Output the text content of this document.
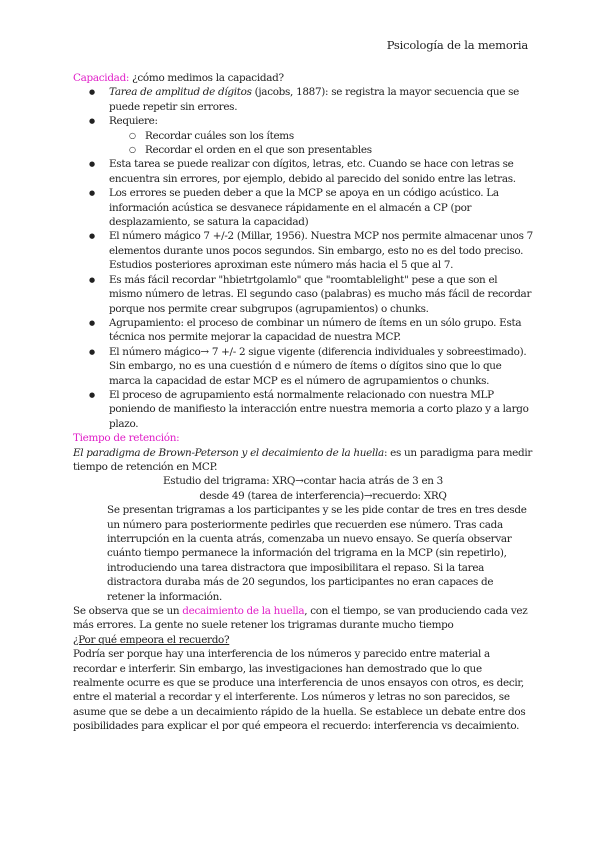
Psicología de la memoria

Capacidad: ¿cómo medimos la capacidad?

● Tarea de amplitud de dígitos (jacobs, 1887): se registra la mayor secuencia que se puede repetir sin errores.
● Requiere:
○ Recordar cuáles son los ítems
○ Recordar el orden en el que son presentables
● Esta tarea se puede realizar con dígitos, letras, etc. Cuando se hace con letras se encuentra sin errores, por ejemplo, debido al parecido del sonido entre las letras.
● Los errores se pueden deber a que la MCP se apoya en un código acústico. La información acústica se desvanece rápidamente en el almacén a CP (por desplazamiento, se satura la capacidad)
● El número mágico 7 +/-2 (Millar, 1956). Nuestra MCP nos permite almacenar unos 7 elementos durante unos pocos segundos. Sin embargo, esto no es del todo preciso. Estudios posteriores aproximan este número más hacia el 5 que al 7.
● Es más fácil recordar "hbietrtgolamlo" que "roomtablelight" pese a que son el mismo número de letras. El segundo caso (palabras) es mucho más fácil de recordar porque nos permite crear subgrupos (agrupamientos) o chunks.
● Agrupamiento: el proceso de combinar un número de ítems en un sólo grupo. Esta técnica nos permite mejorar la capacidad de nuestra MCP.
● El número mágico→ 7 +/- 2 sigue vigente (diferencia individuales y sobreestimado). Sin embargo, no es una cuestión d e número de ítems o dígitos sino que lo que marca la capacidad de estar MCP es el número de agrupamientos o chunks.
● El proceso de agrupamiento está normalmente relacionado con nuestra MLP poniendo de manifiesto la interacción entre nuestra memoria a corto plazo y a largo plazo.

Tiempo de retención:

El paradigma de Brown-Peterson y el decaimiento de la huella: es un paradigma para medir tiempo de retención en MCP.

Estudio del trigrama: XRQ→contar hacia atrás de 3 en 3

desde 49 (tarea de interferencia)→recuerdo: XRQ

Se presentan trigramas a los participantes y se les pide contar de tres en tres desde un número para posteriormente pedirles que recuerden ese número. Tras cada interrupción en la cuenta atrás, comenzaba un nuevo ensayo. Se quería observar cuánto tiempo permanece la información del trigrama en la MCP (sin repetirlo), introduciendo una tarea distractora que imposibilitara el repaso. Si la tarea distractora duraba más de 20 segundos, los participantes no eran capaces de retener la información.

Se observa que se un decaimiento de la huella, con el tiempo, se van produciendo cada vez más errores. La gente no suele retener los trigramas durante mucho tiempo

¿Por qué empeora el recuerdo?

Podría ser porque hay una interferencia de los números y parecido entre material a recordar e interferir. Sin embargo, las investigaciones han demostrado que lo que realmente ocurre es que se produce una interferencia de unos ensayos con otros, es decir, entre el material a recordar y el interferente. Los números y letras no son parecidos, se asume que se debe a un decaimiento rápido de la huella. Se establece un debate entre dos posibilidades para explicar el por qué empeora el recuerdo: interferencia vs decaimiento.
